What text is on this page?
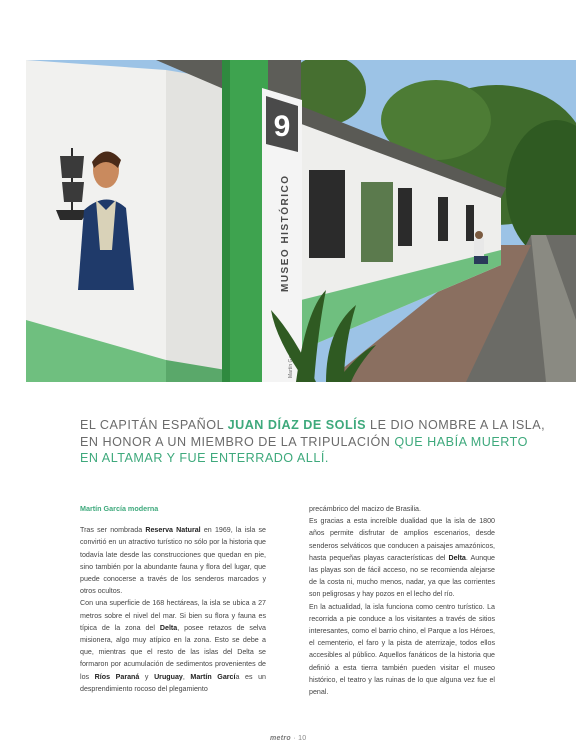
9
MUSEO HISTÓRICO
Martín García
EL CAPITÁN ESPAÑOL JUAN DÍAZ DE SOLÍS LE DIO NOMBRE A LA ISLA, EN HONOR A UN MIEMBRO DE LA TRIPULACIÓN QUE HABÍA MUERTO EN ALTAMAR Y FUE ENTERRADO ALLÍ.
Martín García moderna

Tras ser nombrada Reserva Natural en 1969, la isla se convirtió en un atractivo turístico no sólo por la historia que todavía late desde las construcciones que quedan en pie, sino también por la abundante fauna y flora del lugar, que puede conocerse a través de los senderos marcados y otros ocultos.

Con una superficie de 168 hectáreas, la isla se ubica a 27 metros sobre el nivel del mar. Si bien su flora y fauna es típica de la zona del Delta, posee retazos de selva misionera, algo muy atípico en la zona. Esto se debe a que, mientras que el resto de las islas del Delta se formaron por acumulación de sedimentos provenientes de los Ríos Paraná y Uruguay, Martín García es un desprendimiento rocoso del plegamiento

precámbrico del macizo de Brasilia.

Es gracias a esta increíble dualidad que la isla de 1800 años permite disfrutar de amplios escenarios, desde senderos selváticos que conducen a paisajes amazónicos, hasta pequeñas playas características del Delta. Aunque las playas son de fácil acceso, no se recomienda alejarse de la costa ni, mucho menos, nadar, ya que las corrientes son peligrosas y hay pozos en el lecho del río.

En la actualidad, la isla funciona como centro turístico. La recorrida a pie conduce a los visitantes a través de sitios interesantes, como el barrio chino, el Parque a los Héroes, el cementerio, el faro y la pista de aterrizaje, todos ellos accesibles al público. Aquellos fanáticos de la historia que definió a esta tierra también pueden visitar el museo histórico, el teatro y las ruinas de lo que alguna vez fue el penal.

metro · 10
